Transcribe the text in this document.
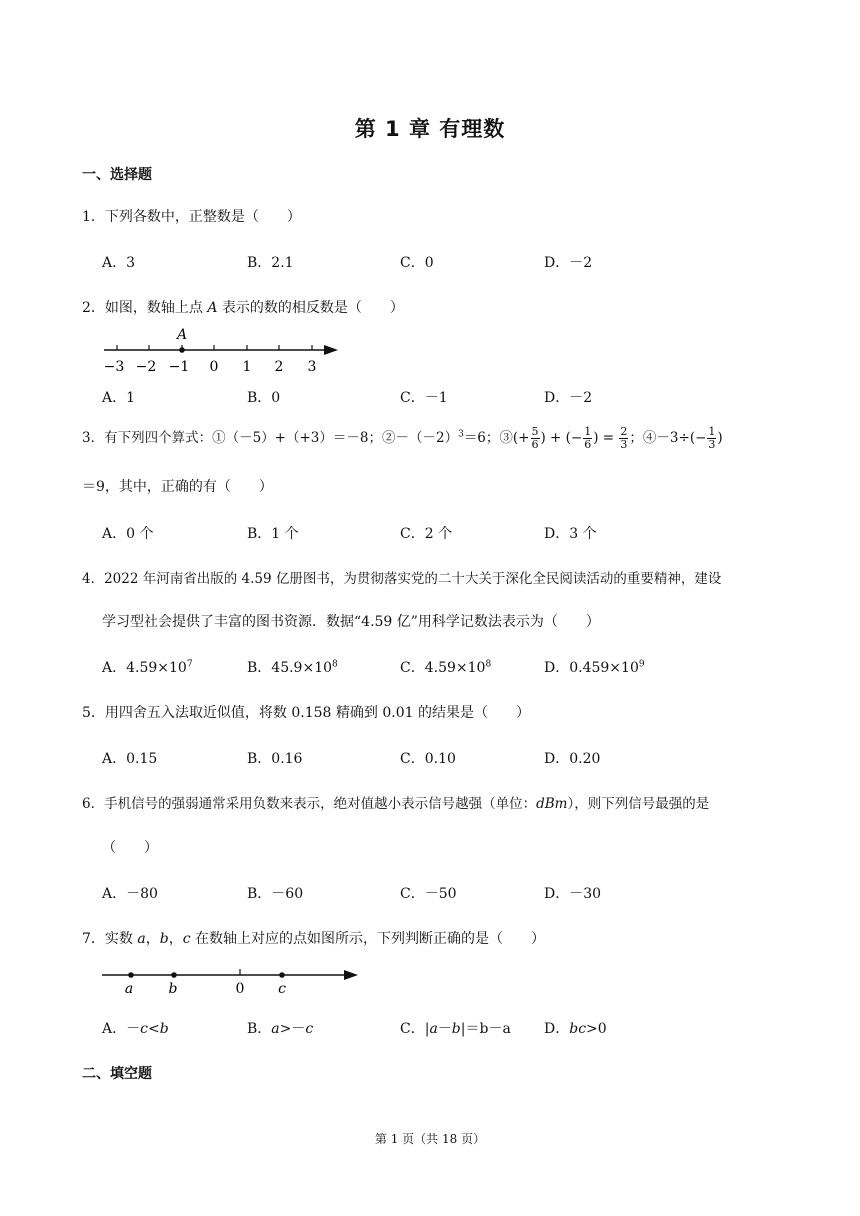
第 1 章 有理数
一、选择题
1．下列各数中，正整数是（　　）
A．3	B．2.1	C．0	D．－2
2．如图，数轴上点 A 表示的数的相反数是（　　）
A
−3 −2 −1 0 1 2 3
A．1	B．0	C．－1	D．－2
3．有下列四个算式：①（－5）+（+3）＝－8；$②-(-2)^3=6$；③(+ $\frac{5}{6}$ ) + (− $\frac{1}{6}$ ) = $\frac{2}{3}$ ；④－3÷(− $\frac{1}{3}$ )
＝9，其中，正确的有（　　）
A．0 个	B．1 个	C．2 个	D．3 个
4．2022 年河南省出版的 4.59 亿册图书，为贯彻落实党的二十大关于深化全民阅读活动的重要精神，建设
学习型社会提供了丰富的图书资源．数据“4.59 亿”用科学记数法表示为（　　）
A．$4.59\times 10^7$	B．$45.9\times 10^8$	C．$4.59\times 10^8$	D．$0.459\times 10^9$
5．用四舍五入法取近似值，将数 0.158 精确到 0.01 的结果是（　　）
A．0.15	B．0.16	C．0.10	D．0.20
6．手机信号的强弱通常采用负数来表示，绝对值越小表示信号越强（单位：dBm），则下列信号最强的是
（　　）
A．－80	B．－60	C．－50	D．－30
7．实数 a，b，c 在数轴上对应的点如图所示，下列判断正确的是（　　）
a	b	0 c
A．－c<b	B．a>－c	C．|a－b|＝b－a D．bc>0
二、填空题
第 1 页（共 18 页）
